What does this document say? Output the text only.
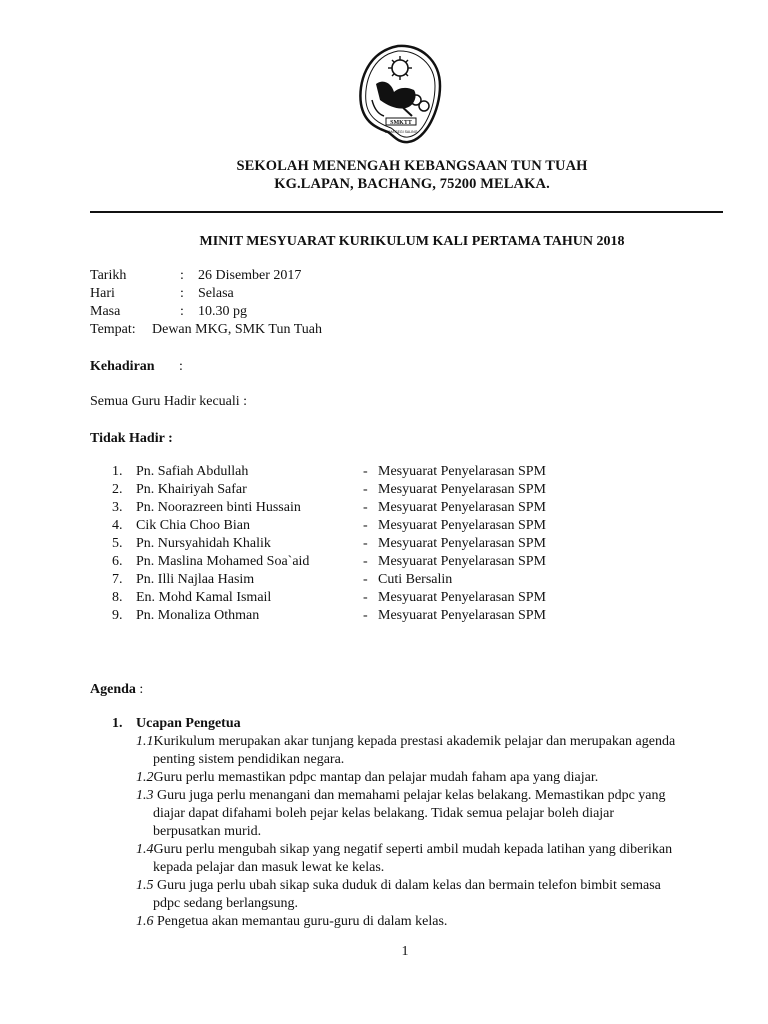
SMKTT
SAMA SEGI SALING
SEKOLAH MENENGAH KEBANGSAAN TUN TUAH
KG.LAPAN, BACHANG, 75200 MELAKA.
MINIT MESYUARAT KURIKULUM KALI PERTAMA TAHUN 2018
Tarikh	: 26 Disember 2017
Hari	: Selasa
Masa	: 10.30 pg
Tempat: Dewan MKG, SMK Tun Tuah
Kehadiran :
Semua Guru Hadir kecuali :
Tidak Hadir :
1. Pn. Safiah Abdullah	- Mesyuarat Penyelarasan SPM
2. Pn. Khairiyah Safar	- Mesyuarat Penyelarasan SPM
3. Pn. Noorazreen binti Hussain	- Mesyuarat Penyelarasan SPM
4. Cik Chia Choo Bian	- Mesyuarat Penyelarasan SPM
5. Pn. Nursyahidah Khalik	- Mesyuarat Penyelarasan SPM
6. Pn. Maslina Mohamed Soa`aid	- Mesyuarat Penyelarasan SPM
7. Pn. Illi Najlaa Hasim	- Cuti Bersalin
8. En. Mohd Kamal Ismail	- Mesyuarat Penyelarasan SPM
9. Pn. Monaliza Othman	- Mesyuarat Penyelarasan SPM
Agenda :
1. Ucapan Pengetua
1.1Kurikulum merupakan akar tunjang kepada prestasi akademik pelajar dan merupakan agenda
penting sistem pendidikan negara.
1.2Guru perlu memastikan pdpc mantap dan pelajar mudah faham apa yang diajar.
1.3 Guru juga perlu menangani dan memahami pelajar kelas belakang. Memastikan pdpc yang
diajar dapat difahami boleh pejar kelas belakang. Tidak semua pelajar boleh diajar
berpusatkan murid.
1.4Guru perlu mengubah sikap yang negatif seperti ambil mudah kepada latihan yang diberikan
kepada pelajar dan masuk lewat ke kelas.
1.5 Guru juga perlu ubah sikap suka duduk di dalam kelas dan bermain telefon bimbit semasa
pdpc sedang berlangsung.
1.6 Pengetua akan memantau guru-guru di dalam kelas.
1
